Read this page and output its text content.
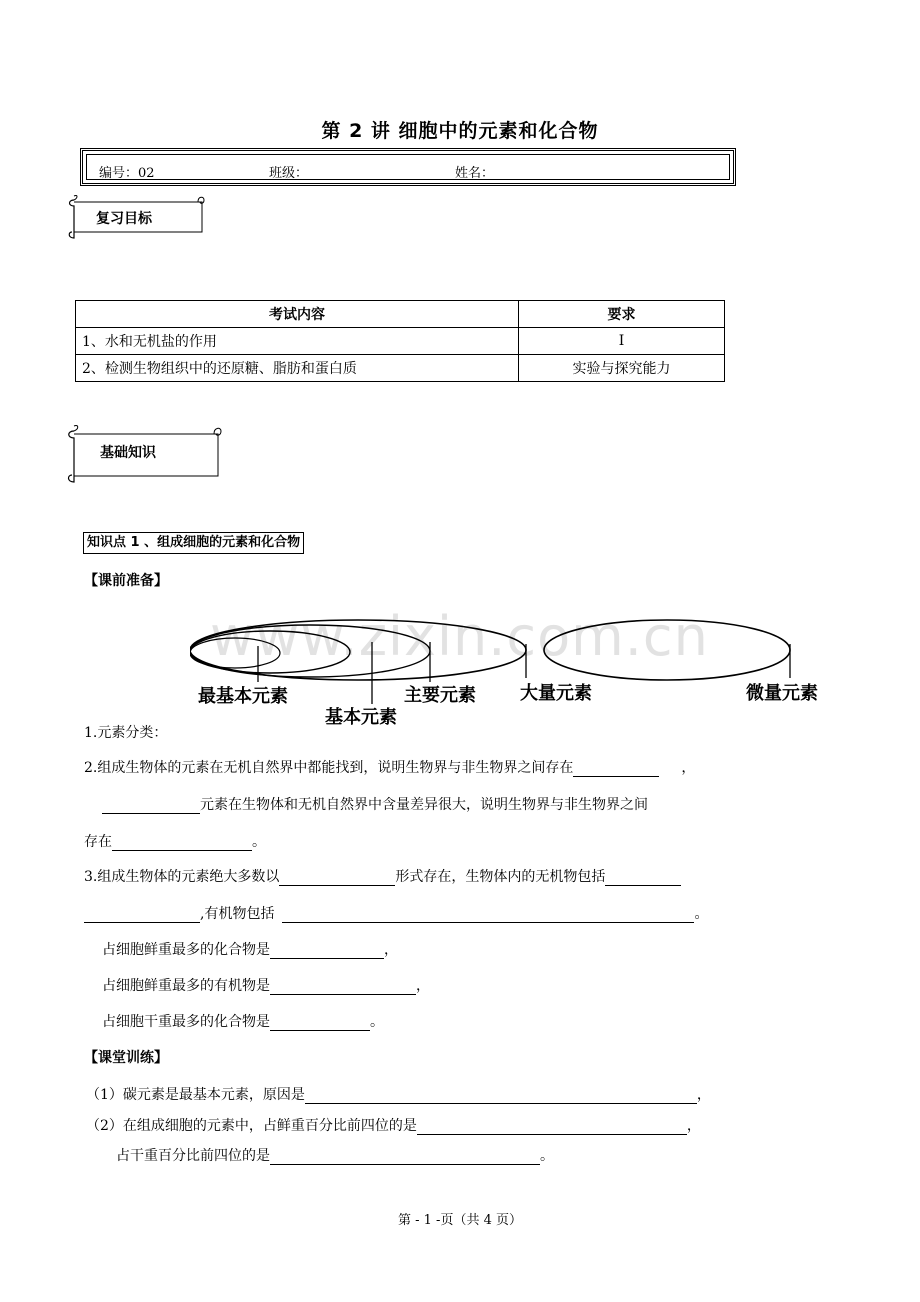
第 2 讲 细胞中的元素和化合物
编号：02	班级：	姓名：
复习目标
考试内容	要求
1、水和无机盐的作用	Ⅰ
2、检测生物组织中的还原糖、脂肪和蛋白质	实验与探究能力
基础知识
知识点 1 、组成细胞的元素和化合物
【课前准备】
www.zixin.com.cn
最基本元素
基本元素
主要元素 大量元素	微量元素
1.元素分类：
2.组成生物体的元素在无机自然界中都能找到，说明生物界与非生物界之间存在	，
元素在生物体和无机自然界中含量差异很大，说明生物界与非生物界之间
存在	。
3.组成生物体的元素绝大多数以	形式存在，生物体内的无机物包括
,有机物包括	。
占细胞鲜重最多的化合物是	，
占细胞鲜重最多的有机物是	，
占细胞干重最多的化合物是	。
【课堂训练】
（1）碳元素是最基本元素，原因是	，
（2）在组成细胞的元素中，占鲜重百分比前四位的是	，
占干重百分比前四位的是	。
第 - 1 -页（共 4 页）
